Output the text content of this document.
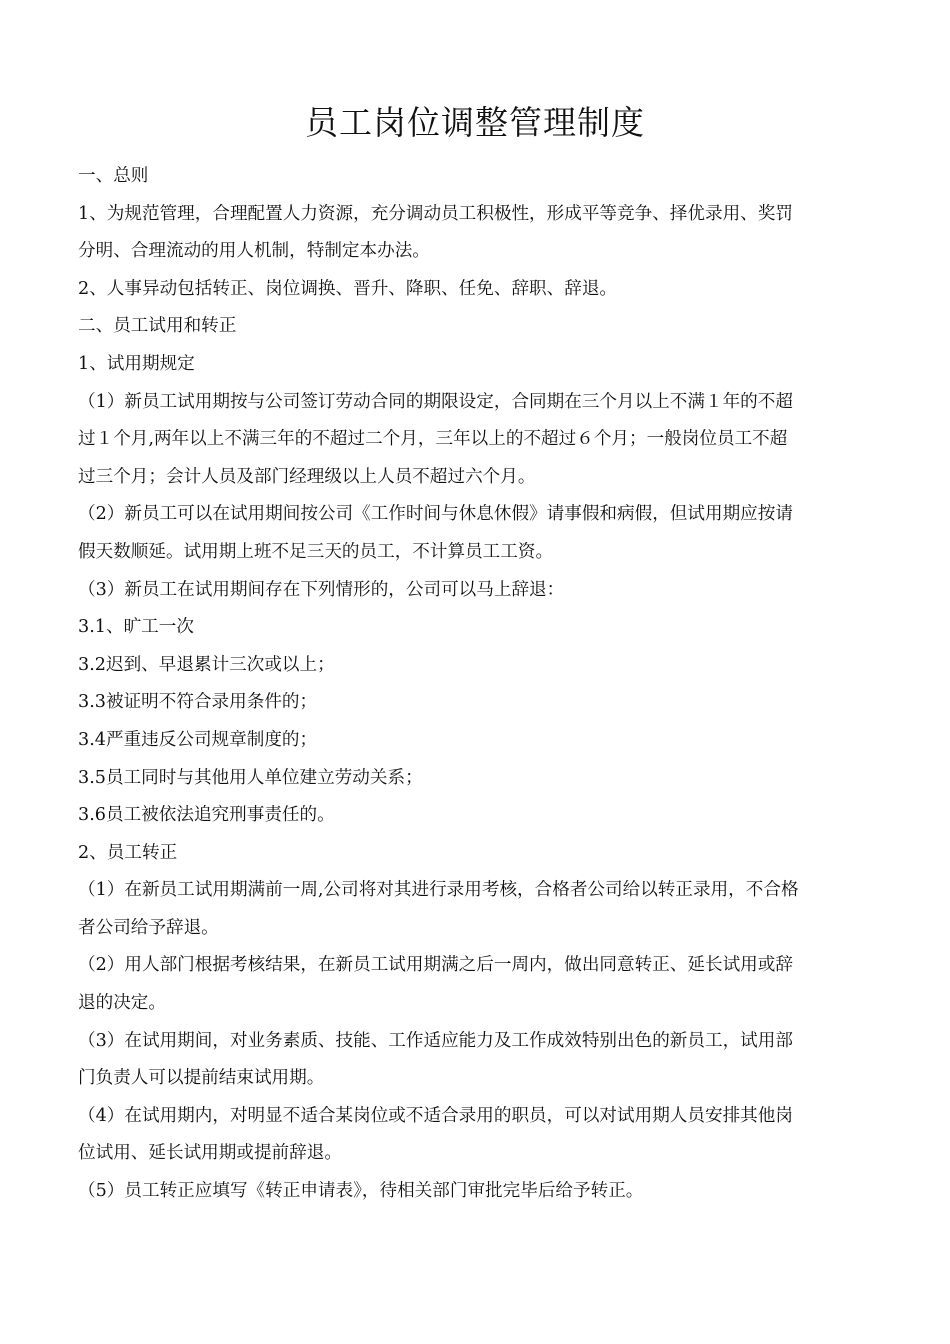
员工岗位调整管理制度
一、总则
1、为规范管理，合理配置人力资源，充分调动员工积极性，形成平等竞争、择优录用、奖罚
分明、合理流动的用人机制，特制定本办法。
2、人事异动包括转正、岗位调换、晋升、降职、任免、辞职、辞退。
二、员工试用和转正
1、试用期规定
（1）新员工试用期按与公司签订劳动合同的期限设定，合同期在三个月以上不满１年的不超
过１个月,两年以上不满三年的不超过二个月，三年以上的不超过６个月；一般岗位员工不超
过三个月；会计人员及部门经理级以上人员不超过六个月。
（2）新员工可以在试用期间按公司《工作时间与休息休假》请事假和病假，但试用期应按请
假天数顺延。试用期上班不足三天的员工，不计算员工工资。
（3）新员工在试用期间存在下列情形的，公司可以马上辞退：
3.1、旷工一次
3.2迟到、早退累计三次或以上；
3.3被证明不符合录用条件的；
3.4严重违反公司规章制度的；
3.5员工同时与其他用人单位建立劳动关系；
3.6员工被依法追究刑事责任的。
2、员工转正
（1）在新员工试用期满前一周,公司将对其进行录用考核，合格者公司给以转正录用，不合格
者公司给予辞退。
（2）用人部门根据考核结果，在新员工试用期满之后一周内，做出同意转正、延长试用或辞
退的决定。
（3）在试用期间，对业务素质、技能、工作适应能力及工作成效特别出色的新员工，试用部
门负责人可以提前结束试用期。
（4）在试用期内，对明显不适合某岗位或不适合录用的职员，可以对试用期人员安排其他岗
位试用、延长试用期或提前辞退。
（5）员工转正应填写《转正申请表》，待相关部门审批完毕后给予转正。
